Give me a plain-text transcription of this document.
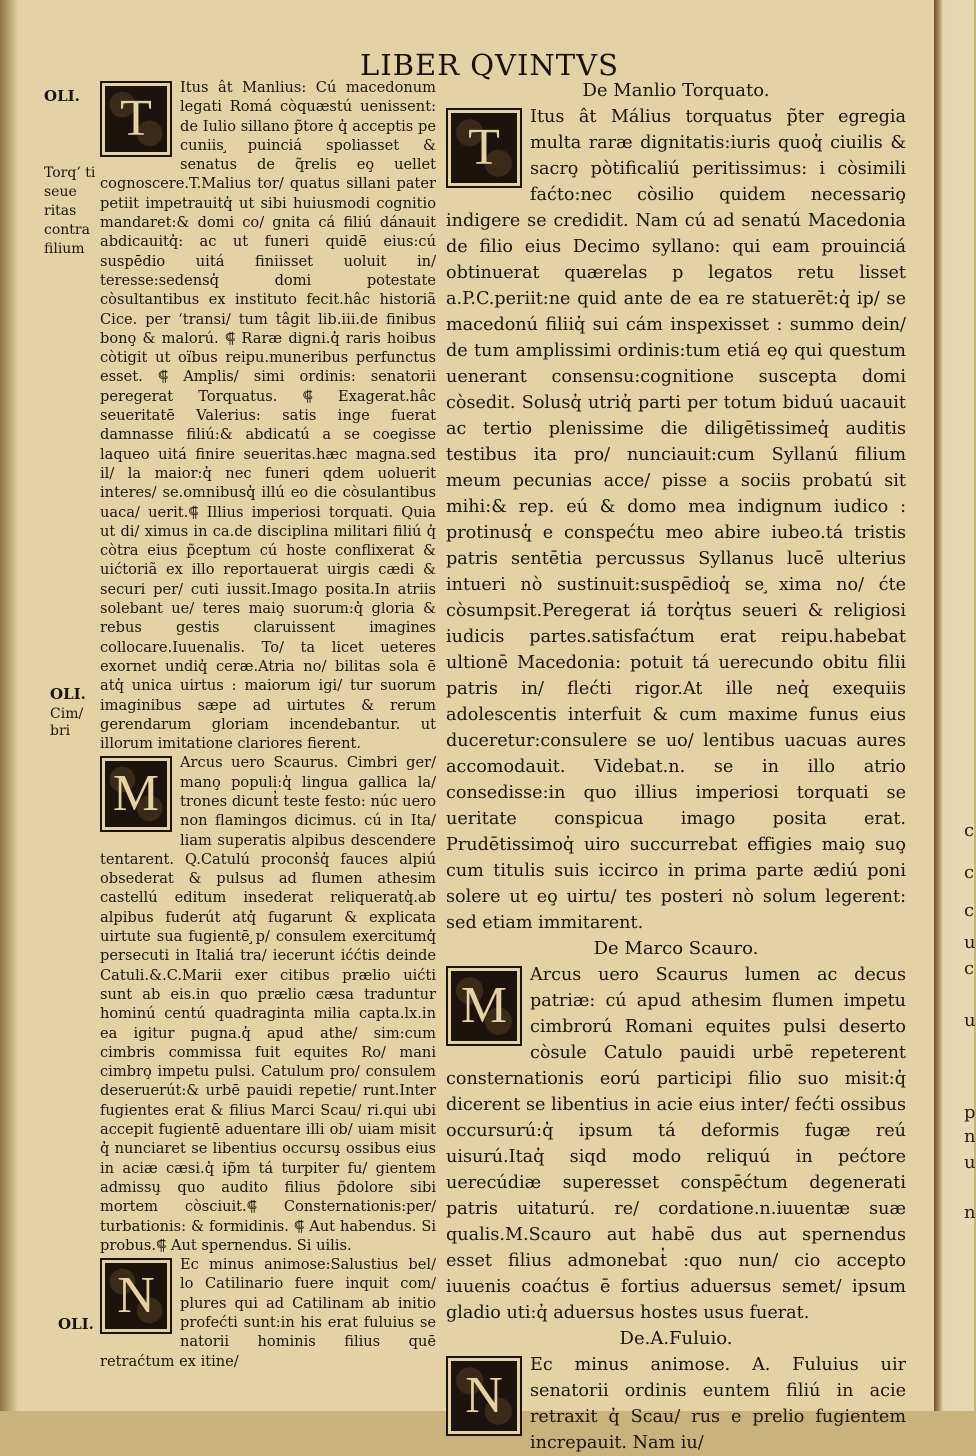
LIBER QVINTVS
OLI.
Torq’ ti seue ritas contra filium
OLI.
Cim/ bri
OLI.
T
Itus ât Manlius: Cú macedonum legati Romá còquæstú uenissent: de Iulio sillano p̃tore q̓ acceptis pe cuniis ̧puinciá spoliasset & senatus de q̃relis eo̧ uellet cognoscere.T.Malius tor/ quatus sillani pater petiit impetrauitq̓ ut sibi huiusmodi cognitio mandaret:& domi co/ gnita cá filiú dánauit abdicauitq̓: ac ut funeri quidē eius:cú suspēdio uitá finiisset uoluit in/ teresse:sedensq̓ domi potestate còsultantibus ex instituto fecit.hâc historiã Cice. per ‘transi/ tum tâgit lib.iii.de finibus bono̧ & malorú. ⸿ Raræ digni.q̓ raris hoibus còtigit ut oïbus reipu.muneribus perfunctus esset. ⸿ Amplis/ simi ordinis: senatorii peregerat Torquatus. ⸿ Exagerat.hâc seueritatē Valerius: satis inge fuerat damnasse filiú:& abdicatú a se coegisse laqueo uitá finire seueritas.hæc magna.sed il/ la maior:q̓ nec funeri qdem uoluerit interes/ se.omnibusq̓ illú eo die còsulantibus uaca/ uerit.⸿ Illius imperiosi torquati. Quia ut di/ ximus in ca.de disciplina militari filiú q̓ còtra eius p̃ceptum cú hoste conflixerat & uićtoriã ex illo reportauerat uirgis cædi & securi per/ cuti iussit.Imago posita.In atriis solebant ue/ teres maio̧ suorum:q̓ gloria & rebus gestis claruissent imagines collocare.Iuuenalis. To/ ta licet ueteres exornet undiq̓ ceræ.Atria no/ bilitas sola ē atq̓ unica uirtus : maiorum igi/ tur suorum imaginibus sæpe ad uirtutes & rerum gerendarum gloriam incendebantur. ut illorum imitatione clariores fierent.
M
Arcus uero Scaurus. Cimbri ger/ mano̧ populi:q̓ lingua gallica la/ trones dicunt̓ teste festo: núc uero non flamingos dicimus. cú in Ita/ liam superatis alpibus descendere tentarent. Q.Catulú procons̓q̓ fauces alpiú obsederat & pulsus ad flumen athesim castellú editum insederat reliqueratq̓.ab alpibus fuderút atq̓ fugarunt & explicata uirtute sua fugientē ̧p/ consulem exercitumq̓ persecuti in Italiá tra/ iecerunt iććtis deinde Catuli.&.C.Marii exer citibus prælio uićti sunt ab eis.in quo prælio cæsa traduntur hominú centú quadraginta milia capta.lx.in ea igitur pugna.q̓ apud athe/ sim:cum cimbris commissa fuit equites Ro/ mani cimbro̧ impetu pulsi. Catulum pro/ consulem deseruerút:& urbē pauidi repetie/ runt.Inter fugientes erat & filius Marci Scau/ ri.qui ubi accepit fugientē aduentare illi ob/ uiam misit q̓ nunciaret se libentius occursu̧ ossibus eius in aciæ cæsi.q̓ ip̃m tá turpiter fu/ gientem admissu̧ quo audito filius p̃dolore sibi mortem còsciuit.⸿ Consternationis:per/ turbationis: & formidinis. ⸿ Aut habendus. Si probus.⸿ Aut spernendus. Si uilis.
N
Ec minus animose:Salustius bel/ lo Catilinario fuere inquit com/ plures qui ad Catilinam ab initio profećti sunt:in his erat fuluius se natorii hominis filius quē retraćtum ex itine/
De Manlio Torquato.
T
Itus ât Málius torquatus p̃ter egregia multa raræ dignitatis:iuris quoq̓ ciuilis & sacro̧ pòtificaliú peritissimus: i còsimili faćto:nec còsilio quidem necessario̧ indigere se credidit. Nam cú ad senatú Macedonia de filio eius Decimo syllano: qui eam prouinciá obtinuerat quærelas p legatos retu lisset a.P.C.periit:ne quid ante de ea re statuerēt:q̓ ip/ se macedonú filiiq̓ sui cám inspexisset : summo dein/ de tum amplissimi ordinis:tum etiá eo̧ qui questum uenerant consensu:cognitione suscepta domi còsedit. Solusq̓ utriq̓ parti per totum biduú uacauit ac tertio plenissime die diligētissimeq̓ auditis testibus ita pro/ nunciauit:cum Syllanú filium meum pecunias acce/ pisse a sociis probatú sit mihi:& rep. eú & domo mea indignum iudico : protinusq̓ e conspećtu meo abire iubeo.tá tristis patris sentētia percussus Syllanus lucē ulterius intueri nò sustinuit:suspēdioq̓ se ̧xima no/ ćte còsumpsit.Peregerat iá torq̓tus seueri & religiosi iudicis partes.satisfaćtum erat reipu.habebat ultionē Macedonia: potuit tá uerecundo obitu filii patris in/ flećti rigor.At ille neq̓ exequiis adolescentis interfuit & cum maxime funus eius duceretur:consulere se uo/ lentibus uacuas aures accomodauit. Videbat.n. se in illo atrio consedisse:in quo illius imperiosi torquati se ueritate conspicua imago posita erat. Prudētissimoq̓ uiro succurrebat effigies maio̧ suo̧ cum titulis suis iccirco in prima parte ædiú poni solere ut eo̧ uirtu/ tes posteri nò solum legerent: sed etiam immitarent.
De Marco Scauro.
M
Arcus uero Scaurus lumen ac decus patriæ: cú apud athesim flumen impetu cimbrorú Romani equites pulsi deserto còsule Catulo pauidi urbē repeterent consternationis eorú participi filio suo misit:q̓ dicerent se libentius in acie eius inter/ fećti ossibus occursurú:q̓ ipsum tá deformis fugæ reú uisurú.Itaq̓ siqd modo reliquú in pećtore uerecúdiæ superesset conspēćtum degenerati patris uitaturú. re/ cordatione.n.iuuentæ suæ qualis.M.Scauro aut habē dus aut spernendus esset filius admonebat̓ :quo nun/ cio accepto iuuenis coaćtus ē fortius aduersus semet/ ipsum gladio uti:q̓ aduersus hostes usus fuerat.
De.A.Fuluio.
N
Ec minus animose. A. Fuluius uir senatorii ordinis euntem filiú in acie retraxit q̓ Scau/ rus e prelio fugientem increpauit. Nam iu/
c
c
c
u
c
u
p
n
u
n
